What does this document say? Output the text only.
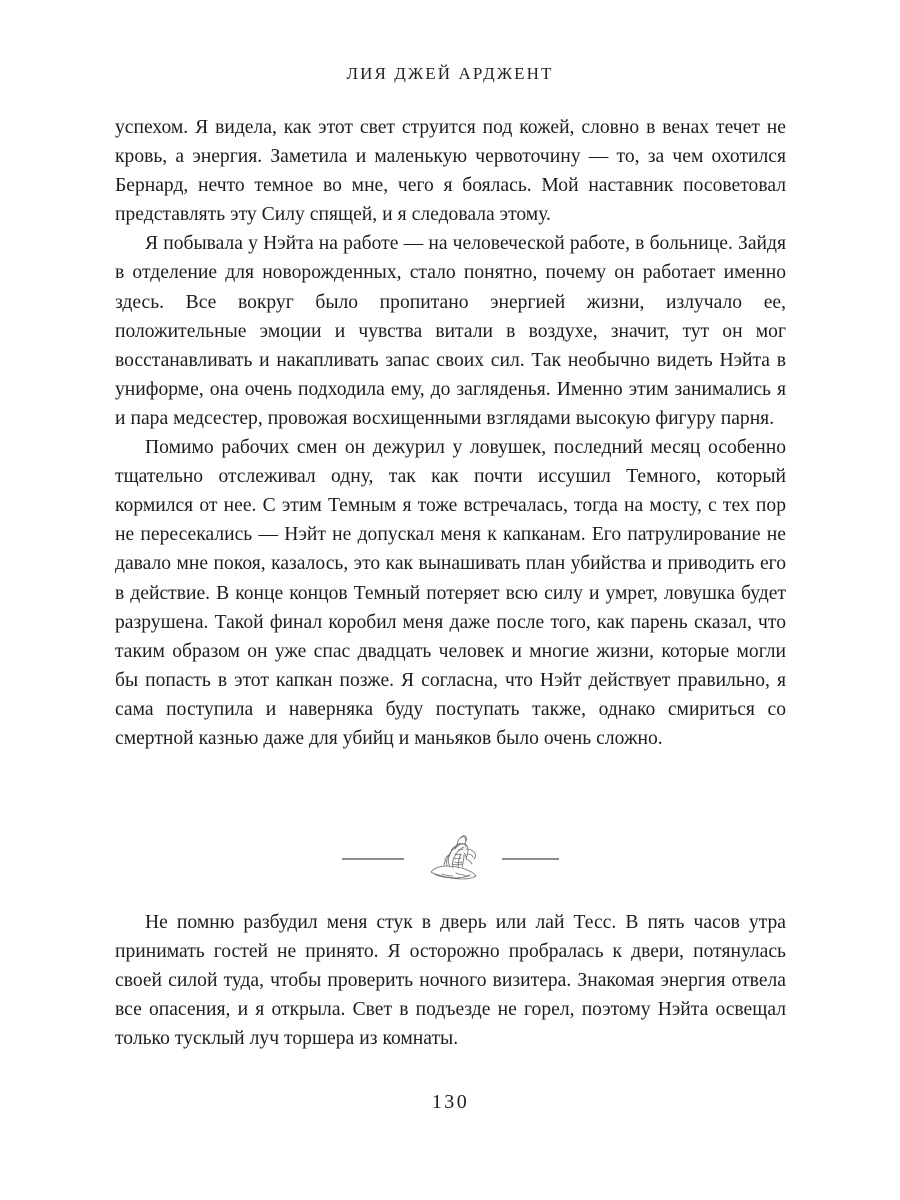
ЛИЯ ДЖЕЙ АРДЖЕНТ

успехом. Я видела, как этот свет струится под кожей, словно в венах течет не кровь, а энергия. Заметила и маленькую червоточину — то, за чем охотился Бернард, нечто темное во мне, чего я боялась. Мой наставник посоветовал представлять эту Силу спящей, и я следовала этому.

Я побывала у Нэйта на работе — на человеческой работе, в больнице. Зайдя в отделение для новорожденных, стало понятно, почему он работает именно здесь. Все вокруг было пропитано энергией жизни, излучало ее, положительные эмоции и чувства витали в воздухе, значит, тут он мог восстанавливать и накапливать запас своих сил. Так необычно видеть Нэйта в униформе, она очень подходила ему, до загляденья. Именно этим занимались я и пара медсестер, провожая восхищенными взглядами высокую фигуру парня.

Помимо рабочих смен он дежурил у ловушек, последний месяц особенно тщательно отслеживал одну, так как почти иссушил Темного, который кормился от нее. С этим Темным я тоже встречалась, тогда на мосту, с тех пор не пересекались — Нэйт не допускал меня к капканам. Его патрулирование не давало мне покоя, казалось, это как вынашивать план убийства и приводить его в действие. В конце концов Темный потеряет всю силу и умрет, ловушка будет разрушена. Такой финал коробил меня даже после того, как парень сказал, что таким образом он уже спас двадцать человек и многие жизни, которые могли бы попасть в этот капкан позже. Я согласна, что Нэйт действует правильно, я сама поступила и наверняка буду поступать также, однако смириться со смертной казнью даже для убийц и маньяков было очень сложно.

Не помню разбудил меня стук в дверь или лай Тесс. В пять часов утра принимать гостей не принято. Я осторожно пробралась к двери, потянулась своей силой туда, чтобы проверить ночного визитера. Знакомая энергия отвела все опасения, и я открыла. Свет в подъезде не горел, поэтому Нэйта освещал только тусклый луч торшера из комнаты.

130
